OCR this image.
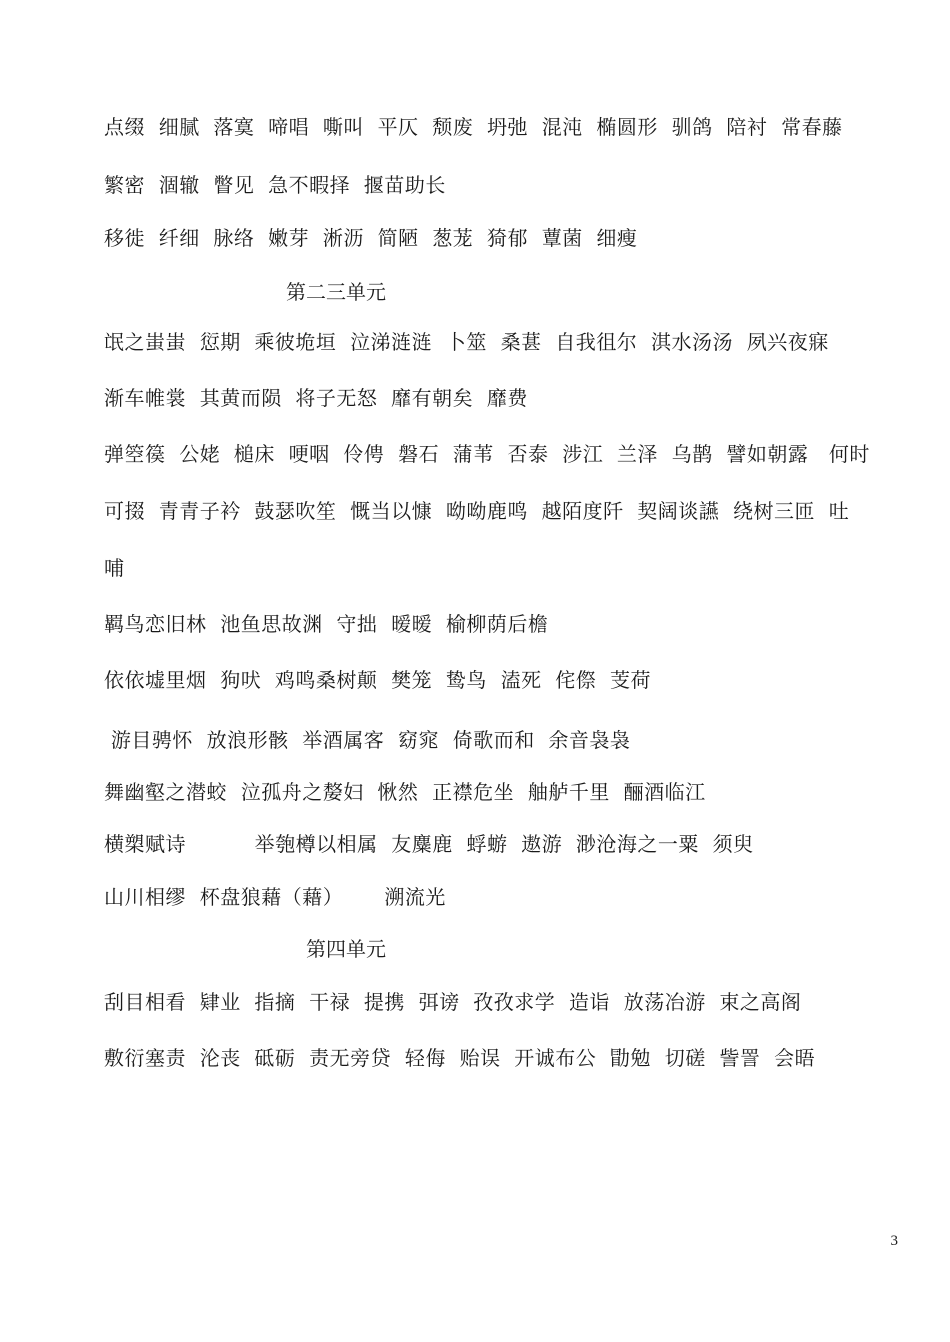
点缀  细腻  落寞  啼唱  嘶叫  平仄  颓废  坍弛  混沌  椭圆形  驯鸽  陪衬  常春藤
繁密  涸辙  瞥见  急不暇择  揠苗助长
移徙  纤细  脉络  嫩芽  淅沥  简陋  葱茏  猗郁  蕈菌  细瘦
第二三单元
氓之蚩蚩  愆期  乘彼垝垣  泣涕涟涟  卜筮  桑葚  自我徂尔  淇水汤汤  夙兴夜寐
渐车帷裳  其黄而陨  将子无怒  靡有朝矣  靡费
弹箜篌  公姥  槌床  哽咽  伶俜  磐石  蒲苇  否泰  涉江  兰泽  乌鹊  譬如朝露   何时
可掇  青青子衿  鼓瑟吹笙  慨当以慷  呦呦鹿鸣  越陌度阡  契阔谈讌  绕树三匝  吐
哺
羁鸟恋旧林  池鱼思故渊  守拙  暧暧  榆柳荫后檐
依依墟里烟  狗吠  鸡鸣桑树颠  樊笼  鸷鸟  溘死  侘傺  芰荷
游目骋怀  放浪形骸  举酒属客  窈窕  倚歌而和  余音袅袅
舞幽壑之潜蛟  泣孤舟之嫠妇  愀然  正襟危坐  舳舻千里  酾酒临江
横槊赋诗          举匏樽以相属  友麋鹿  蜉蝣  遨游  渺沧海之一粟  须臾
山川相缪  杯盘狼藉（藉）      溯流光
第四单元
刮目相看  肄业  指摘  干禄  提携  弭谤  孜孜求学  造诣  放荡冶游  束之高阁
敷衍塞责  沦丧  砥砺  责无旁贷  轻侮  贻误  开诚布公  勖勉  切磋  訾詈  会晤
3
